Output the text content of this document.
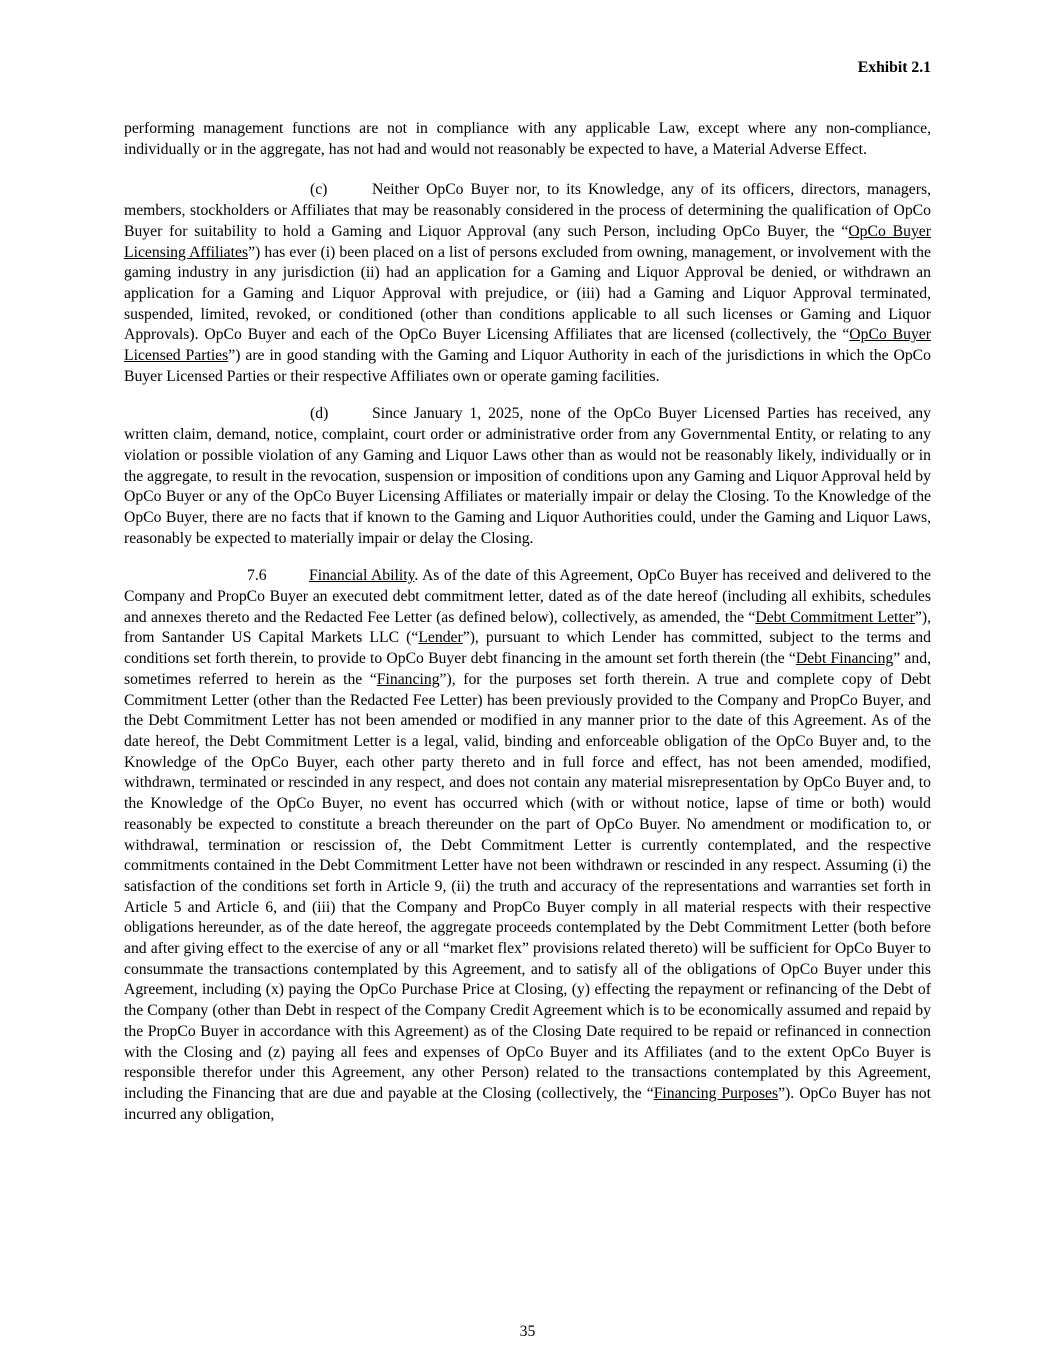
Exhibit 2.1

performing management functions are not in compliance with any applicable Law, except where any non-compliance, individually or in the aggregate, has not had and would not reasonably be expected to have, a Material Adverse Effect.

(c)	Neither OpCo Buyer nor, to its Knowledge, any of its officers, directors, managers, members, stockholders or Affiliates that may be reasonably considered in the process of determining the qualification of OpCo Buyer for suitability to hold a Gaming and Liquor Approval (any such Person, including OpCo Buyer, the “OpCo Buyer Licensing Affiliates”) has ever (i) been placed on a list of persons excluded from owning, management, or involvement with the gaming industry in any jurisdiction (ii) had an application for a Gaming and Liquor Approval be denied, or withdrawn an application for a Gaming and Liquor Approval with prejudice, or (iii) had a Gaming and Liquor Approval terminated, suspended, limited, revoked, or conditioned (other than conditions applicable to all such licenses or Gaming and Liquor Approvals). OpCo Buyer and each of the OpCo Buyer Licensing Affiliates that are licensed (collectively, the “OpCo Buyer Licensed Parties”) are in good standing with the Gaming and Liquor Authority in each of the jurisdictions in which the OpCo Buyer Licensed Parties or their respective Affiliates own or operate gaming facilities.

(d)	Since January 1, 2025, none of the OpCo Buyer Licensed Parties has received, any written claim, demand, notice, complaint, court order or administrative order from any Governmental Entity, or relating to any violation or possible violation of any Gaming and Liquor Laws other than as would not be reasonably likely, individually or in the aggregate, to result in the revocation, suspension or imposition of conditions upon any Gaming and Liquor Approval held by OpCo Buyer or any of the OpCo Buyer Licensing Affiliates or materially impair or delay the Closing. To the Knowledge of the OpCo Buyer, there are no facts that if known to the Gaming and Liquor Authorities could, under the Gaming and Liquor Laws, reasonably be expected to materially impair or delay the Closing.

7.6	Financial Ability. As of the date of this Agreement, OpCo Buyer has received and delivered to the Company and PropCo Buyer an executed debt commitment letter, dated as of the date hereof (including all exhibits, schedules and annexes thereto and the Redacted Fee Letter (as defined below), collectively, as amended, the “Debt Commitment Letter”), from Santander US Capital Markets LLC (“Lender”), pursuant to which Lender has committed, subject to the terms and conditions set forth therein, to provide to OpCo Buyer debt financing in the amount set forth therein (the “Debt Financing” and, sometimes referred to herein as the “Financing”), for the purposes set forth therein. A true and complete copy of Debt Commitment Letter (other than the Redacted Fee Letter) has been previously provided to the Company and PropCo Buyer, and the Debt Commitment Letter has not been amended or modified in any manner prior to the date of this Agreement. As of the date hereof, the Debt Commitment Letter is a legal, valid, binding and enforceable obligation of the OpCo Buyer and, to the Knowledge of the OpCo Buyer, each other party thereto and in full force and effect, has not been amended, modified, withdrawn, terminated or rescinded in any respect, and does not contain any material misrepresentation by OpCo Buyer and, to the Knowledge of the OpCo Buyer, no event has occurred which (with or without notice, lapse of time or both) would reasonably be expected to constitute a breach thereunder on the part of OpCo Buyer. No amendment or modification to, or withdrawal, termination or rescission of, the Debt Commitment Letter is currently contemplated, and the respective commitments contained in the Debt Commitment Letter have not been withdrawn or rescinded in any respect. Assuming (i) the satisfaction of the conditions set forth in Article 9, (ii) the truth and accuracy of the representations and warranties set forth in Article 5 and Article 6, and (iii) that the Company and PropCo Buyer comply in all material respects with their respective obligations hereunder, as of the date hereof, the aggregate proceeds contemplated by the Debt Commitment Letter (both before and after giving effect to the exercise of any or all “market flex” provisions related thereto) will be sufficient for OpCo Buyer to consummate the transactions contemplated by this Agreement, and to satisfy all of the obligations of OpCo Buyer under this Agreement, including (x) paying the OpCo Purchase Price at Closing, (y) effecting the repayment or refinancing of the Debt of the Company (other than Debt in respect of the Company Credit Agreement which is to be economically assumed and repaid by the PropCo Buyer in accordance with this Agreement) as of the Closing Date required to be repaid or refinanced in connection with the Closing and (z) paying all fees and expenses of OpCo Buyer and its Affiliates (and to the extent OpCo Buyer is responsible therefor under this Agreement, any other Person) related to the transactions contemplated by this Agreement, including the Financing that are due and payable at the Closing (collectively, the “Financing Purposes”). OpCo Buyer has not incurred any obligation,

35
